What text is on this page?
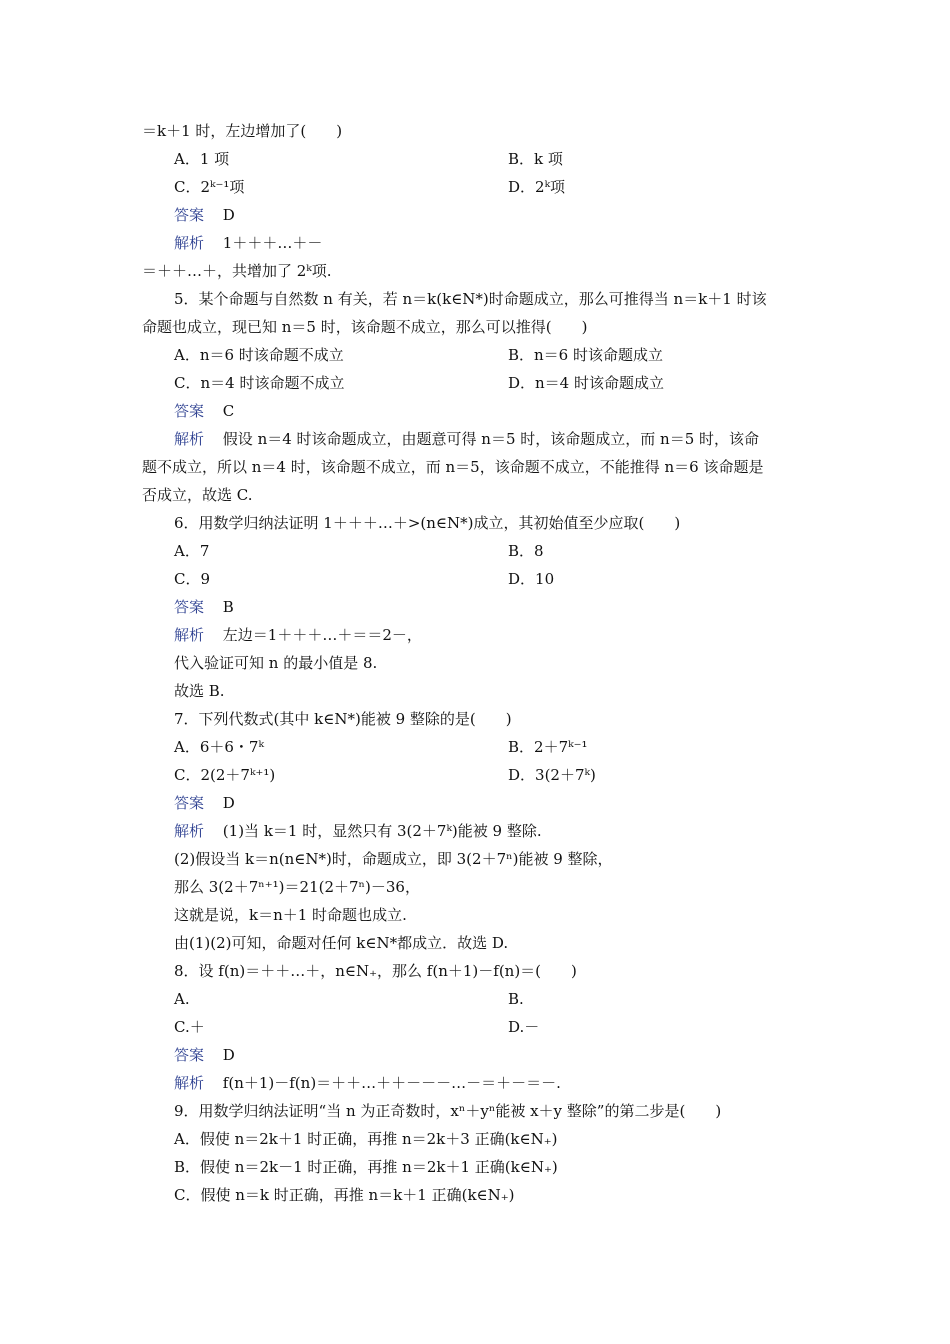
＝k＋1 时，左边增加了(　　)
A．1 项	B．k 项
C．2ᵏ⁻¹项	D．2ᵏ项
答案 D
解析 1＋＋＋…＋－
＝＋＋…＋，共增加了 2ᵏ项.
5．某个命题与自然数 n 有关，若 n＝k(k∈N*)时命题成立，那么可推得当 n＝k＋1 时该
命题也成立，现已知 n＝5 时，该命题不成立，那么可以推得(　　)
A．n＝6 时该命题不成立	B．n＝6 时该命题成立
C．n＝4 时该命题不成立	D．n＝4 时该命题成立
答案 C
解析 假设 n＝4 时该命题成立，由题意可得 n＝5 时，该命题成立，而 n＝5 时，该命
题不成立，所以 n＝4 时，该命题不成立，而 n＝5，该命题不成立，不能推得 n＝6 该命题是
否成立，故选 C.
6．用数学归纳法证明 1＋＋＋…＋>(n∈N*)成立，其初始值至少应取(　　)
A．7	B．8
C．9	D．10
答案 B
解析 左边＝1＋＋＋…＋＝＝2－，
代入验证可知 n 的最小值是 8.
故选 B.
7．下列代数式(其中 k∈N*)能被 9 整除的是(　　)
A．6＋6・7ᵏ	B．2＋7ᵏ⁻¹
C．2(2＋7ᵏ⁺¹)	D．3(2＋7ᵏ)
答案 D
解析 (1)当 k＝1 时，显然只有 3(2＋7ᵏ)能被 9 整除.
(2)假设当 k＝n(n∈N*)时，命题成立，即 3(2＋7ⁿ)能被 9 整除，
那么 3(2＋7ⁿ⁺¹)＝21(2＋7ⁿ)－36，
这就是说，k＝n＋1 时命题也成立.
由(1)(2)可知，命题对任何 k∈N*都成立．故选 D.
8．设 f(n)＝＋＋…＋，n∈N₊，那么 f(n＋1)－f(n)＝(　　)
A.	B.
C.＋	D.－
答案 D
解析 f(n＋1)－f(n)＝＋＋…＋＋－－－…－＝＋－＝－.
9．用数学归纳法证明“当 n 为正奇数时，xⁿ＋yⁿ能被 x＋y 整除”的第二步是(　　)
A．假使 n＝2k＋1 时正确，再推 n＝2k＋3 正确(k∈N₊)
B．假使 n＝2k－1 时正确，再推 n＝2k＋1 正确(k∈N₊)
C．假使 n＝k 时正确，再推 n＝k＋1 正确(k∈N₊)
